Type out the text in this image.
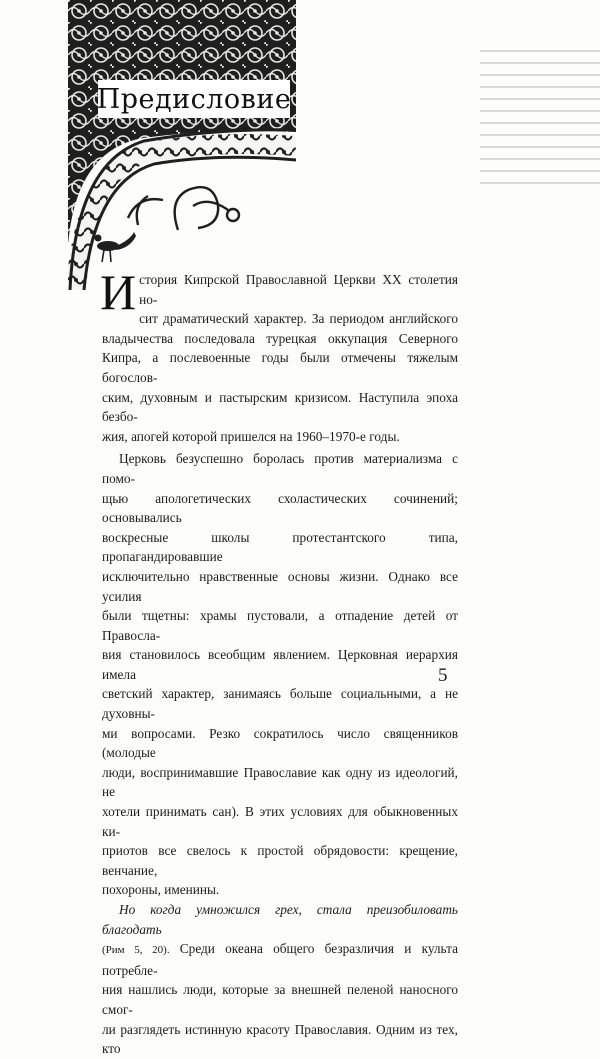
Предисловие
И стория Кипрской Православной Церкви XX столетия но-
сит драматический характер. За периодом английского
владычества последовала турецкая оккупация Северного
Кипра, а послевоенные годы были отмечены тяжелым богослов-
ским, духовным и пастырским кризисом. Наступила эпоха безбо-
жия, апогей которой пришелся на 1960–1970-е годы.
Церковь безуспешно боролась против материализма с помо-
щью апологетических схоластических сочинений; основывались
воскресные школы протестантского типа, пропагандировавшие
исключительно нравственные основы жизни. Однако все усилия
были тщетны: храмы пустовали, а отпадение детей от Правосла-
вия становилось всеобщим явлением. Церковная иерархия имела
светский характер, занимаясь больше социальными, а не духовны-
ми вопросами. Резко сократилось число священников (молодые
люди, воспринимавшие Православие как одну из идеологий, не
хотели принимать сан). В этих условиях для обыкновенных ки-
приотов все свелось к простой обрядовости: крещение, венчание,
похороны, именины.
Но когда умножился грех, стала преизобиловать благодать
(Рим 5, 20). Среди океана общего безразличия и культа потребле-
ния нашлись люди, которые за внешней пеленой наносного смог-
ли разглядеть истинную красоту Православия. Одним из тех, кто
5
